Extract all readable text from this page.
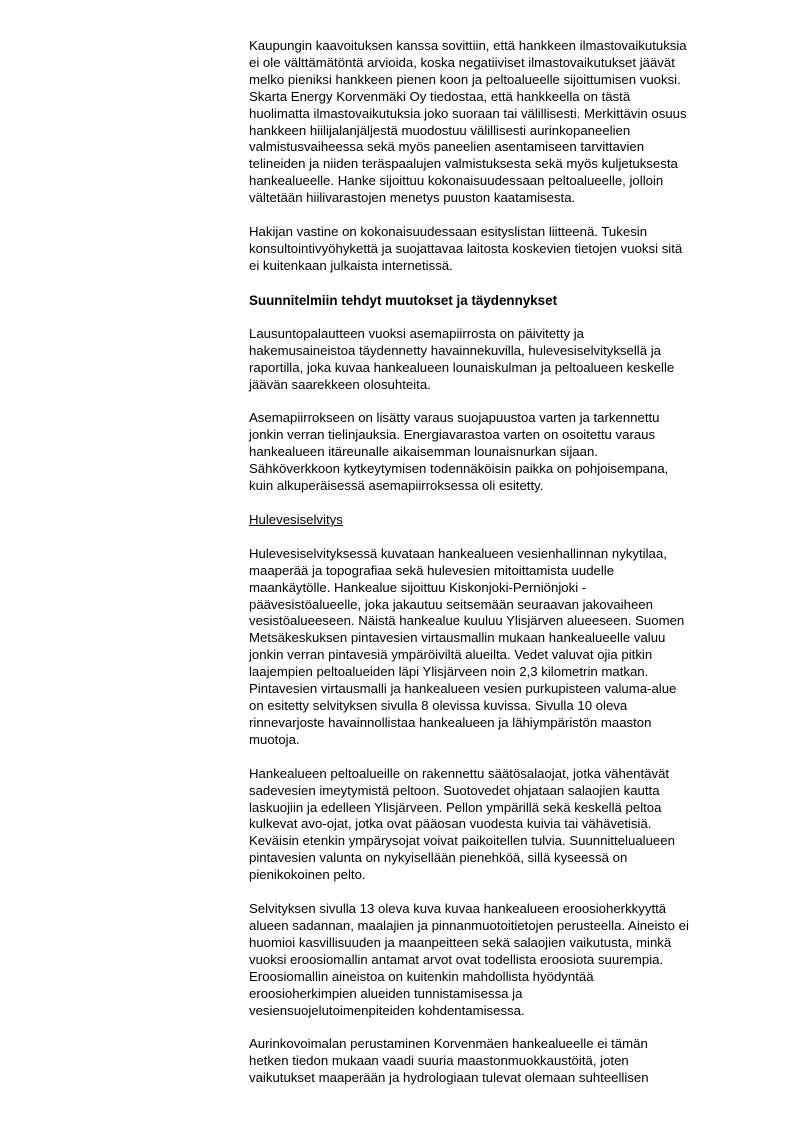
Kaupungin kaavoituksen kanssa sovittiin, että hankkeen ilmastovaikutuksia
ei ole välttämätöntä arvioida, koska negatiiviset ilmastovaikutukset jäävät
melko pieniksi hankkeen pienen koon ja peltoalueelle sijoittumisen vuoksi.
Skarta Energy Korvenmäki Oy tiedostaa, että hankkeella on tästä
huolimatta ilmastovaikutuksia joko suoraan tai välillisesti. Merkittävin osuus
hankkeen hiilijalanjäljestä muodostuu välillisesti aurinkopaneelien
valmistusvaiheessa sekä myös paneelien asentamiseen tarvittavien
telineiden ja niiden teräspaalujen valmistuksesta sekä myös kuljetuksesta
hankealueelle. Hanke sijoittuu kokonaisuudessaan peltoalueelle, jolloin
vältetään hiilivarastojen menetys puuston kaatamisesta.

Hakijan vastine on kokonaisuudessaan esityslistan liitteenä. Tukesin
konsultointivyöhykettä ja suojattavaa laitosta koskevien tietojen vuoksi sitä
ei kuitenkaan julkaista internetissä.

Suunnitelmiin tehdyt muutokset ja täydennykset

Lausuntopalautteen vuoksi asemapiirrosta on päivitetty ja
hakemusaineistoa täydennetty havainnekuvilla, hulevesiselvityksellä ja
raportilla, joka kuvaa hankealueen lounaiskulman ja peltoalueen keskelle
jäävän saarekkeen olosuhteita.

Asemapiirrokseen on lisätty varaus suojapuustoa varten ja tarkennettu
jonkin verran tielinjauksia. Energiavarastoa varten on osoitettu varaus
hankealueen itäreunalle aikaisemman lounaisnurkan sijaan.
Sähköverkkoon kytkeytymisen todennäköisin paikka on pohjoisempana,
kuin alkuperäisessä asemapiirroksessa oli esitetty.

Hulevesiselvitys

Hulevesiselvityksessä kuvataan hankealueen vesienhallinnan nykytilaa,
maaperää ja topografiaa sekä hulevesien mitoittamista uudelle
maankäytölle. Hankealue sijoittuu Kiskonjoki-Perniönjoki -
päävesistöalueelle, joka jakautuu seitsemään seuraavan jakovaiheen
vesistöalueeseen. Näistä hankealue kuuluu Ylisjärven alueeseen. Suomen
Metsäkeskuksen pintavesien virtausmallin mukaan hankealueelle valuu
jonkin verran pintavesiä ympäröiviltä alueilta. Vedet valuvat ojia pitkin
laajempien peltoalueiden läpi Ylisjärveen noin 2,3 kilometrin matkan.
Pintavesien virtausmalli ja hankealueen vesien purkupisteen valuma-alue
on esitetty selvityksen sivulla 8 olevissa kuvissa. Sivulla 10 oleva
rinnevarjoste havainnollistaa hankealueen ja lähiympäristön maaston
muotoja.

Hankealueen peltoalueille on rakennettu säätösalaojat, jotka vähentävät
sadevesien imeytymistä peltoon. Suotovedet ohjataan salaojien kautta
laskuojiin ja edelleen Ylisjärveen. Pellon ympärillä sekä keskellä peltoa
kulkevat avo-ojat, jotka ovat pääosan vuodesta kuivia tai vähävetisiä.
Keväisin etenkin ympärysojat voivat paikoitellen tulvia. Suunnittelualueen
pintavesien valunta on nykyisellään pienehköä, sillä kyseessä on
pienikokoinen pelto.

Selvityksen sivulla 13 oleva kuva kuvaa hankealueen eroosioherkkyyttä
alueen sadannan, maalajien ja pinnanmuotoitietojen perusteella. Aineisto ei
huomioi kasvillisuuden ja maanpeitteen sekä salaojien vaikutusta, minkä
vuoksi eroosiomallin antamat arvot ovat todellista eroosiota suurempia.
Eroosiomallin aineistoa on kuitenkin mahdollista hyödyntää
eroosioherkimpien alueiden tunnistamisessa ja
vesiensuojelutoimenpiteiden kohdentamisessa.

Aurinkovoimalan perustaminen Korvenmäen hankealueelle ei tämän
hetken tiedon mukaan vaadi suuria maastonmuokkaustöitä, joten
vaikutukset maaperään ja hydrologiaan tulevat olemaan suhteellisen
